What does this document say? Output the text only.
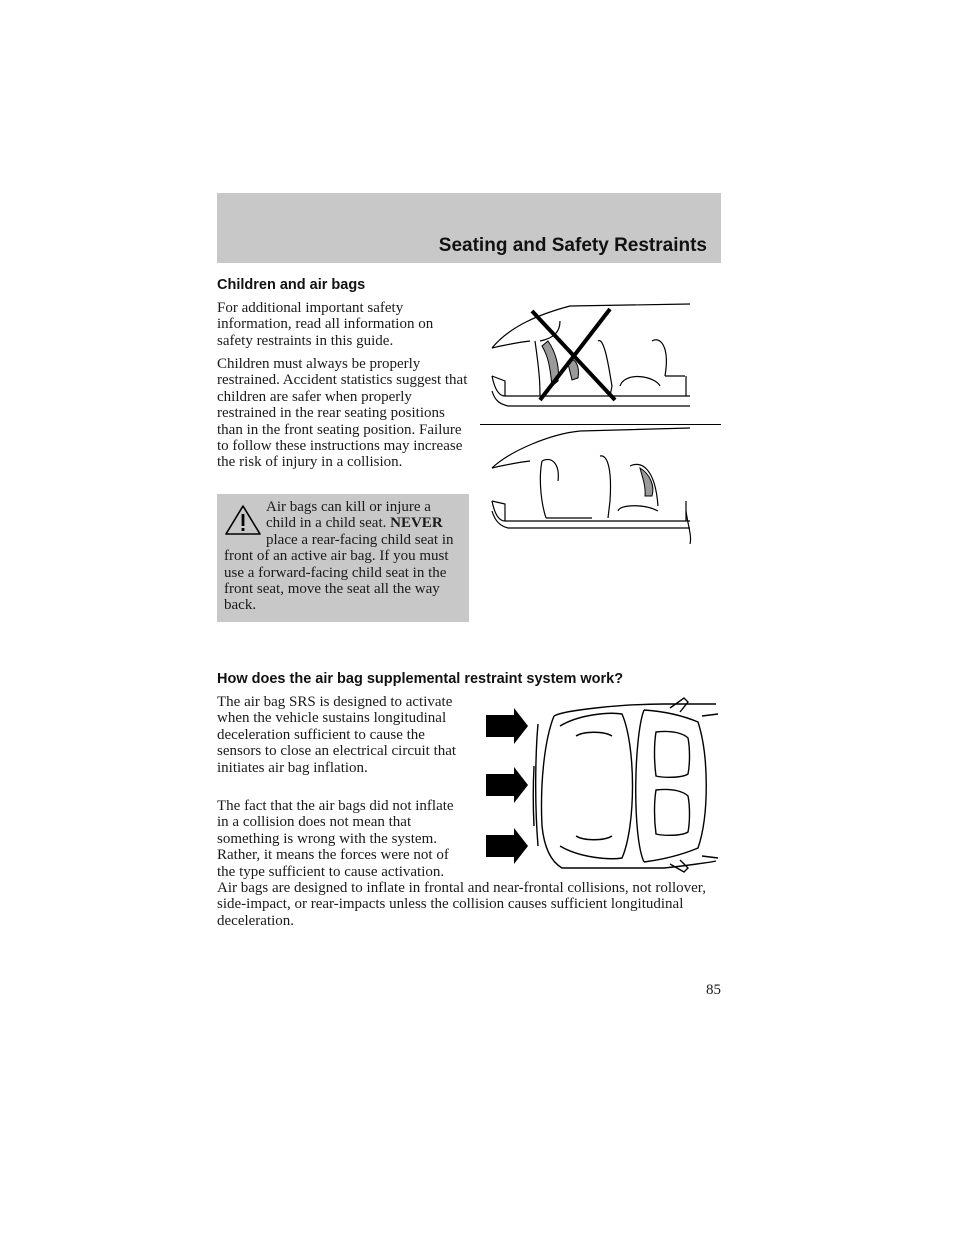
Seating and Safety Restraints
Children and air bags

For additional important safety information, read all information on safety restraints in this guide.

Children must always be properly restrained. Accident statistics suggest that children are safer when properly restrained in the rear seating positions than in the front seating position. Failure to follow these instructions may increase the risk of injury in a collision.

Air bags can kill or injure a child in a child seat. NEVER place a rear-facing child seat in front of an active air bag. If you must use a forward-facing child seat in the front seat, move the seat all the way back.
How does the air bag supplemental restraint system work?

The air bag SRS is designed to activate when the vehicle sustains longitudinal deceleration sufficient to cause the sensors to close an electrical circuit that initiates air bag inflation.

The fact that the air bags did not inflate in a collision does not mean that something is wrong with the system. Rather, it means the forces were not of the type sufficient to cause activation. Air bags are designed to inflate in frontal and near-frontal collisions, not rollover, side-impact, or rear-impacts unless the collision causes sufficient longitudinal deceleration.
85
